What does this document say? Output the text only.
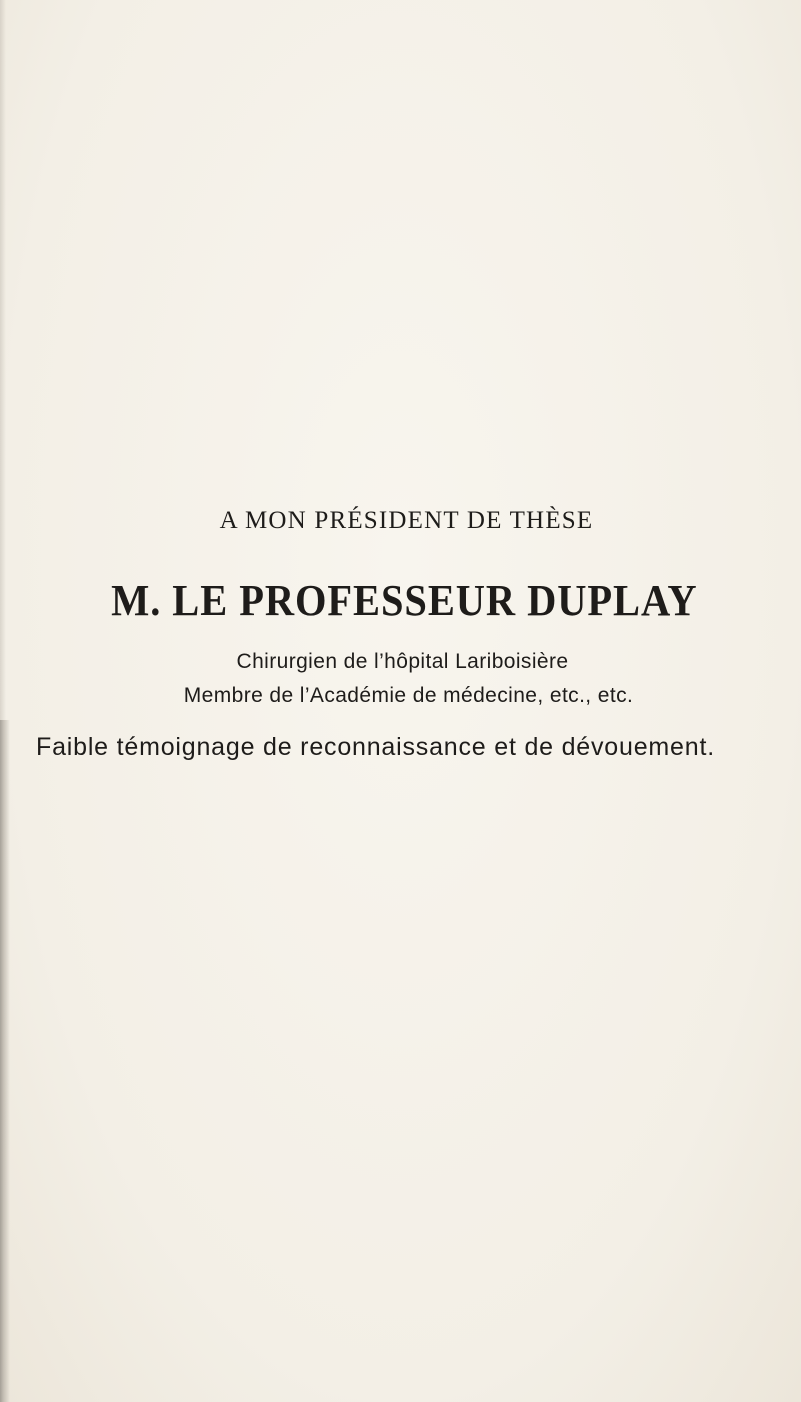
A MON PRÉSIDENT DE THÈSE
M. LE PROFESSEUR DUPLAY
Chirurgien de l’hôpital Lariboisière
Membre de l’Académie de médecine, etc., etc.
Faible témoignage de reconnaissance et de dévouement.
